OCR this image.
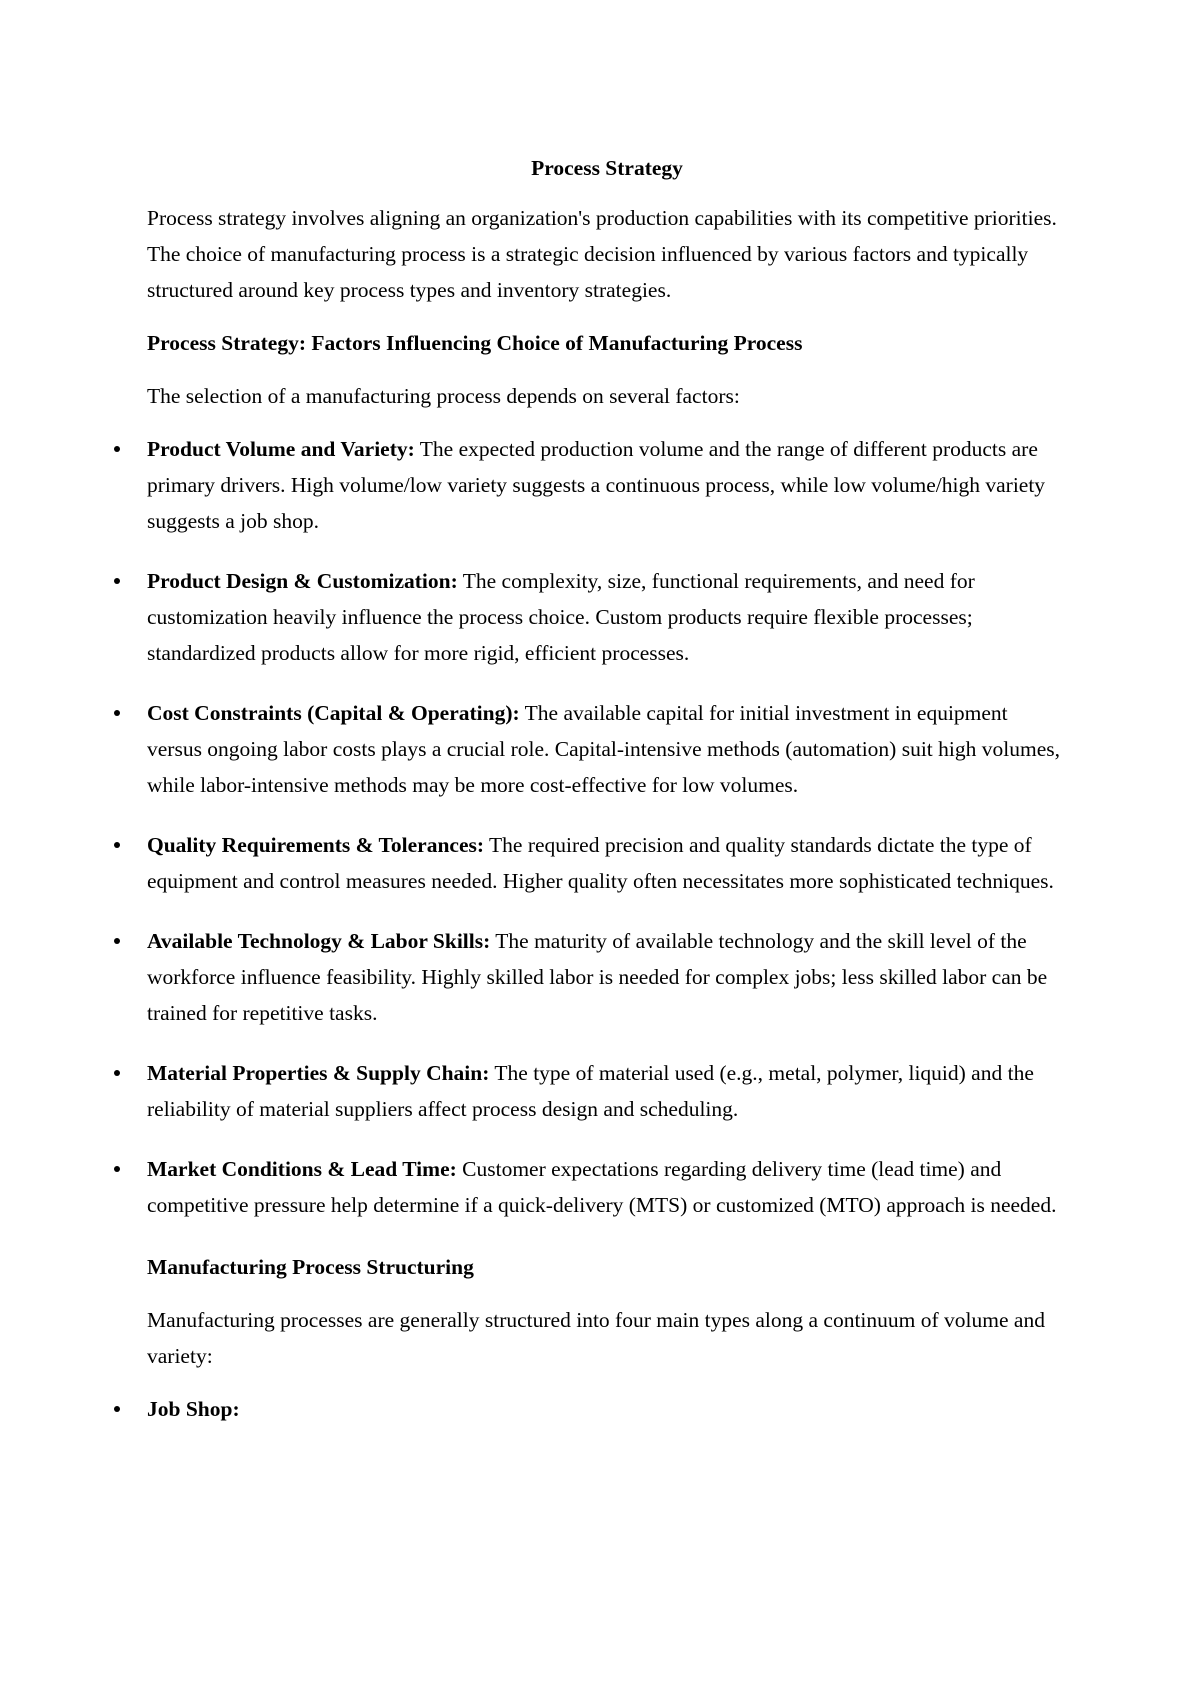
Process Strategy
Process strategy involves aligning an organization's production capabilities with its competitive priorities. The choice of manufacturing process is a strategic decision influenced by various factors and typically structured around key process types and inventory strategies.
Process Strategy: Factors Influencing Choice of Manufacturing Process
The selection of a manufacturing process depends on several factors:
Product Volume and Variety: The expected production volume and the range of different products are primary drivers. High volume/low variety suggests a continuous process, while low volume/high variety suggests a job shop.
Product Design & Customization: The complexity, size, functional requirements, and need for customization heavily influence the process choice. Custom products require flexible processes; standardized products allow for more rigid, efficient processes.
Cost Constraints (Capital & Operating): The available capital for initial investment in equipment versus ongoing labor costs plays a crucial role. Capital-intensive methods (automation) suit high volumes, while labor-intensive methods may be more cost-effective for low volumes.
Quality Requirements & Tolerances: The required precision and quality standards dictate the type of equipment and control measures needed. Higher quality often necessitates more sophisticated techniques.
Available Technology & Labor Skills: The maturity of available technology and the skill level of the workforce influence feasibility. Highly skilled labor is needed for complex jobs; less skilled labor can be trained for repetitive tasks.
Material Properties & Supply Chain: The type of material used (e.g., metal, polymer, liquid) and the reliability of material suppliers affect process design and scheduling.
Market Conditions & Lead Time: Customer expectations regarding delivery time (lead time) and competitive pressure help determine if a quick-delivery (MTS) or customized (MTO) approach is needed.
Manufacturing Process Structuring
Manufacturing processes are generally structured into four main types along a continuum of volume and variety:
Job Shop:
